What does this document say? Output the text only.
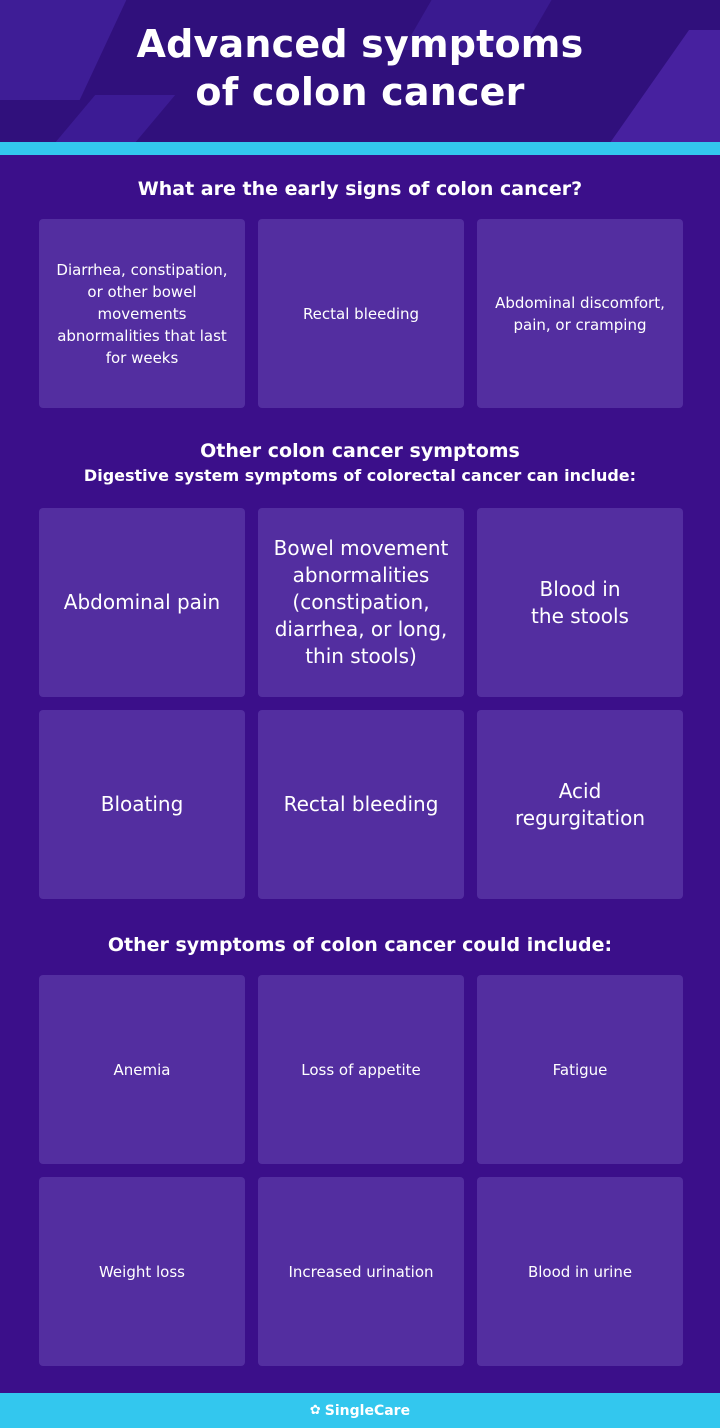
Advanced symptoms
of colon cancer
What are the early signs of colon cancer?
Diarrhea, constipation, or other bowel movements abnormalities that last for weeks
Rectal bleeding
Abdominal discomfort, pain, or cramping
Other colon cancer symptoms
Digestive system symptoms of colorectal cancer can include:
Abdominal pain
Bowel movement abnormalities (constipation, diarrhea, or long, thin stools)
Blood in the stools
Bloating	Rectal bleeding
Acid regurgitation
Other symptoms of colon cancer could include:
Anemia	Loss of appetite	Fatigue
Weight loss	Increased urination	Blood in urine
✿ SingleCare
